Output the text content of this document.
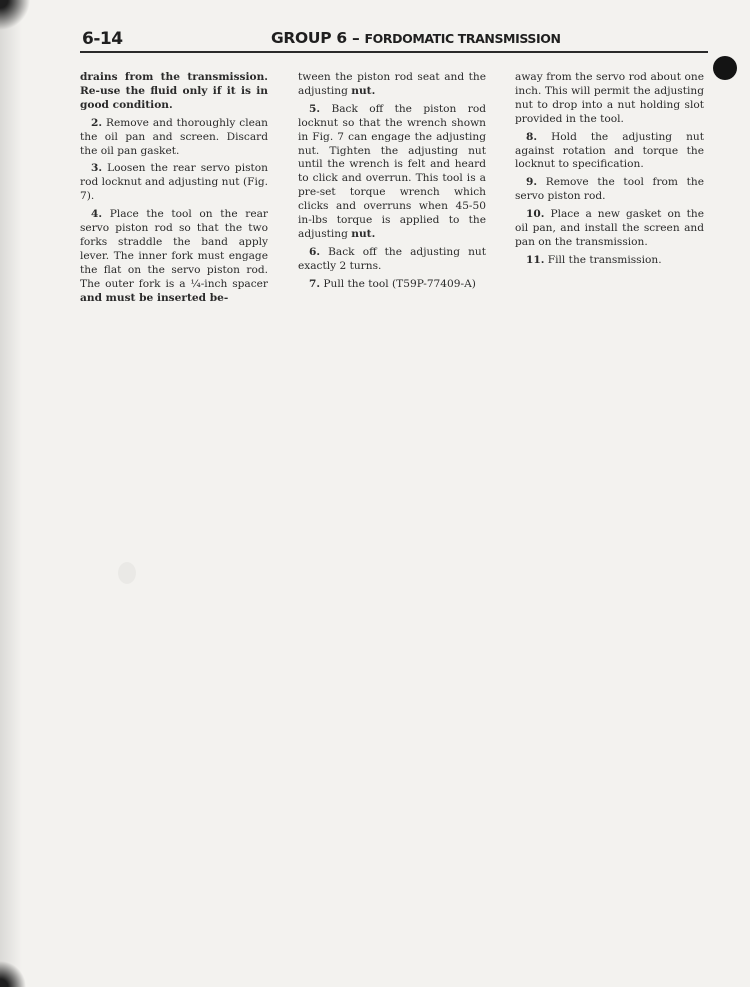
6-14	GROUP 6 – FORDOMATIC TRANSMISSION

drains from the transmission. Re-use the fluid only if it is in good condition.

2. Remove and thoroughly clean the oil pan and screen. Discard the oil pan gasket.

3. Loosen the rear servo piston rod locknut and adjusting nut (Fig. 7).

4. Place the tool on the rear servo piston rod so that the two forks straddle the band apply lever. The inner fork must engage the flat on the servo piston rod. The outer fork is a ¼-inch spacer and must be inserted be-

tween the piston rod seat and the adjusting nut.

5. Back off the piston rod locknut so that the wrench shown in Fig. 7 can engage the adjusting nut. Tighten the adjusting nut until the wrench is felt and heard to click and overrun. This tool is a pre-set torque wrench which clicks and overruns when 45-50 in-lbs torque is applied to the adjusting nut.

6. Back off the adjusting nut exactly 2 turns.

7. Pull the tool (T59P-77409-A)

away from the servo rod about one inch. This will permit the adjusting nut to drop into a nut holding slot provided in the tool.

8. Hold the adjusting nut against rotation and torque the locknut to specification.

9. Remove the tool from the servo piston rod.

10. Place a new gasket on the oil pan, and install the screen and pan on the transmission.

11. Fill the transmission.
